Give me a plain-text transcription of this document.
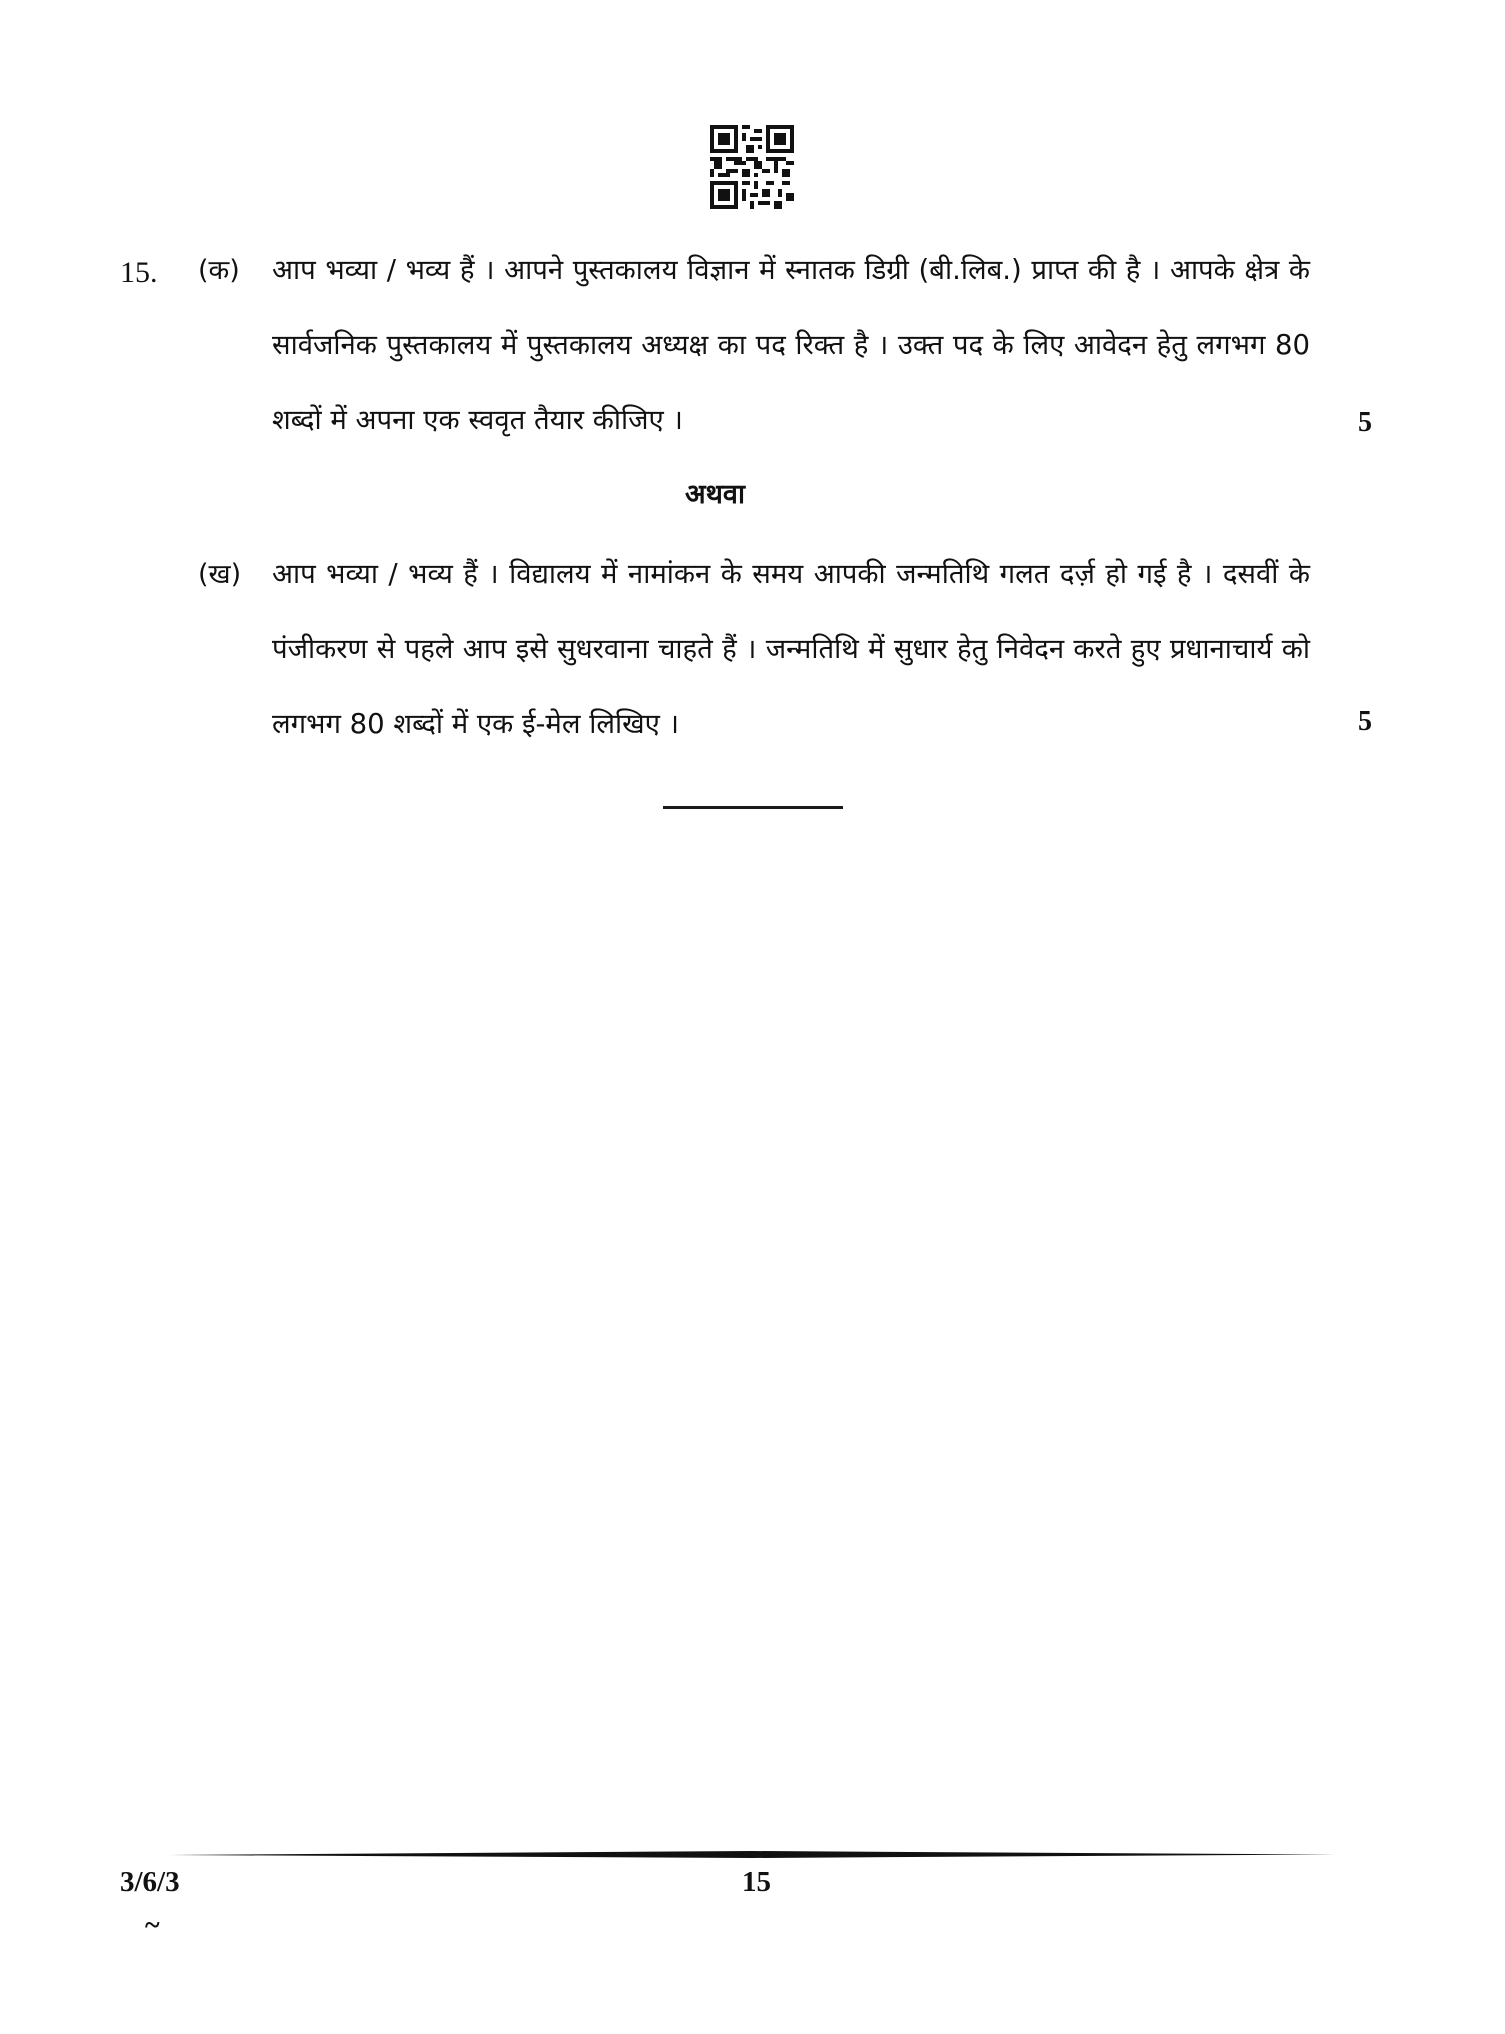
15. (क) आप भव्या / भव्य हैं । आपने पुस्तकालय विज्ञान में स्नातक डिग्री (बी.लिब.) प्राप्त की है । आपके क्षेत्र के सार्वजनिक पुस्तकालय में पुस्तकालय अध्यक्ष का पद रिक्त है । उक्त पद के लिए आवेदन हेतु लगभग 80 शब्दों में अपना एक स्ववृत तैयार कीजिए ।	5
अथवा
(ख) आप भव्या / भव्य हैं । विद्यालय में नामांकन के समय आपकी जन्मतिथि गलत दर्ज़ हो गई है । दसवीं के पंजीकरण से पहले आप इसे सुधरवाना चाहते हैं । जन्मतिथि में सुधार हेतु निवेदन करते हुए प्रधानाचार्य को लगभग 80 शब्दों में एक ई-मेल लिखिए ।	5
3/6/3	15
~
